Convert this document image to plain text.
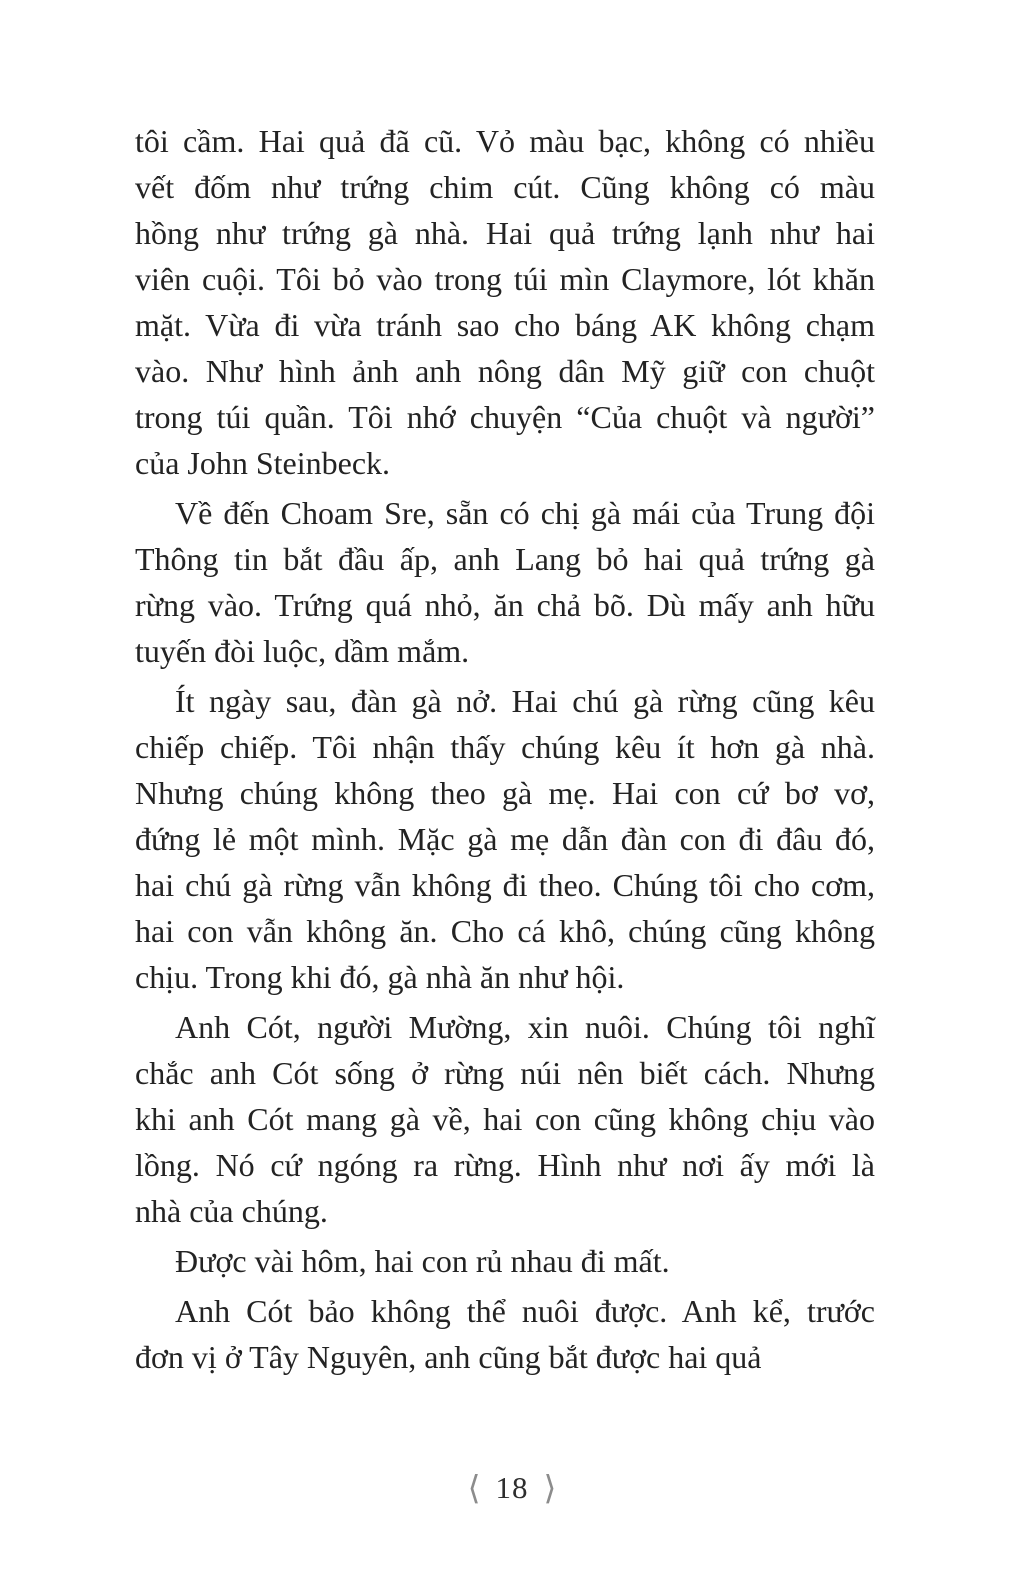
tôi cầm. Hai quả đã cũ. Vỏ màu bạc, không có nhiều
vết đốm như trứng chim cút. Cũng không có màu
hồng như trứng gà nhà. Hai quả trứng lạnh như hai
viên cuội. Tôi bỏ vào trong túi mìn Claymore, lót khăn
mặt. Vừa đi vừa tránh sao cho báng AK không chạm
vào. Như hình ảnh anh nông dân Mỹ giữ con chuột
trong túi quần. Tôi nhớ chuyện “Của chuột và người”
của John Steinbeck.
Về đến Choam Sre, sẵn có chị gà mái của Trung đội
Thông tin bắt đầu ấp, anh Lang bỏ hai quả trứng gà
rừng vào. Trứng quá nhỏ, ăn chả bõ. Dù mấy anh hữu
tuyến đòi luộc, dầm mắm.
Ít ngày sau, đàn gà nở. Hai chú gà rừng cũng kêu
chiếp chiếp. Tôi nhận thấy chúng kêu ít hơn gà nhà.
Nhưng chúng không theo gà mẹ. Hai con cứ bơ vơ,
đứng lẻ một mình. Mặc gà mẹ dẫn đàn con đi đâu đó,
hai chú gà rừng vẫn không đi theo. Chúng tôi cho cơm,
hai con vẫn không ăn. Cho cá khô, chúng cũng không
chịu. Trong khi đó, gà nhà ăn như hội.
Anh Cót, người Mường, xin nuôi. Chúng tôi nghĩ
chắc anh Cót sống ở rừng núi nên biết cách. Nhưng
khi anh Cót mang gà về, hai con cũng không chịu vào
lồng. Nó cứ ngóng ra rừng. Hình như nơi ấy mới là
nhà của chúng.
Được vài hôm, hai con rủ nhau đi mất.
Anh Cót bảo không thể nuôi được. Anh kể, trước
đơn vị ở Tây Nguyên, anh cũng bắt được hai quả
⟨ 18 ⟩
